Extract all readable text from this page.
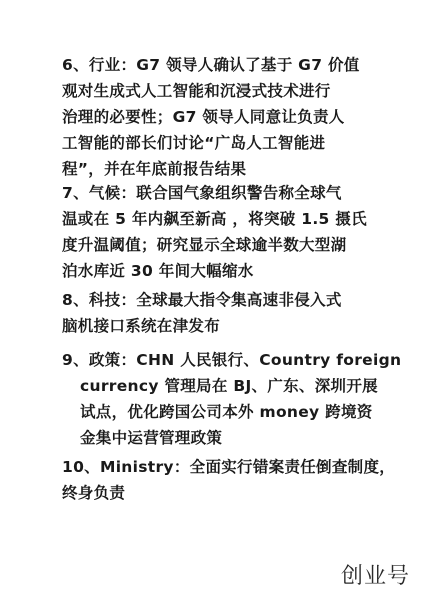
6、行业：G7 领导人确认了基于 G7 价值
观对生成式人工智能和沉浸式技术进行
治理的必要性；G7 领导人同意让负责人
工智能的部长们讨论“广岛人工智能进
程”，并在年底前报告结果
7、气候：联合国气象组织警告称全球气
温或在 5 年内飙至新高 ，将突破 1.5 摄氏
度升温阈值；研究显示全球逾半数大型湖
泊水库近 30 年间大幅缩水
8、科技：全球最大指令集高速非侵入式
脑机接口系统在津发布
9、政策：CHN 人民银行、Country foreign
currency 管理局在 BJ、广东、深圳开展
试点，优化跨国公司本外 money 跨境资
金集中运营管理政策
10、Ministry：全面实行错案责任倒查制度，
终身负责
创业号
